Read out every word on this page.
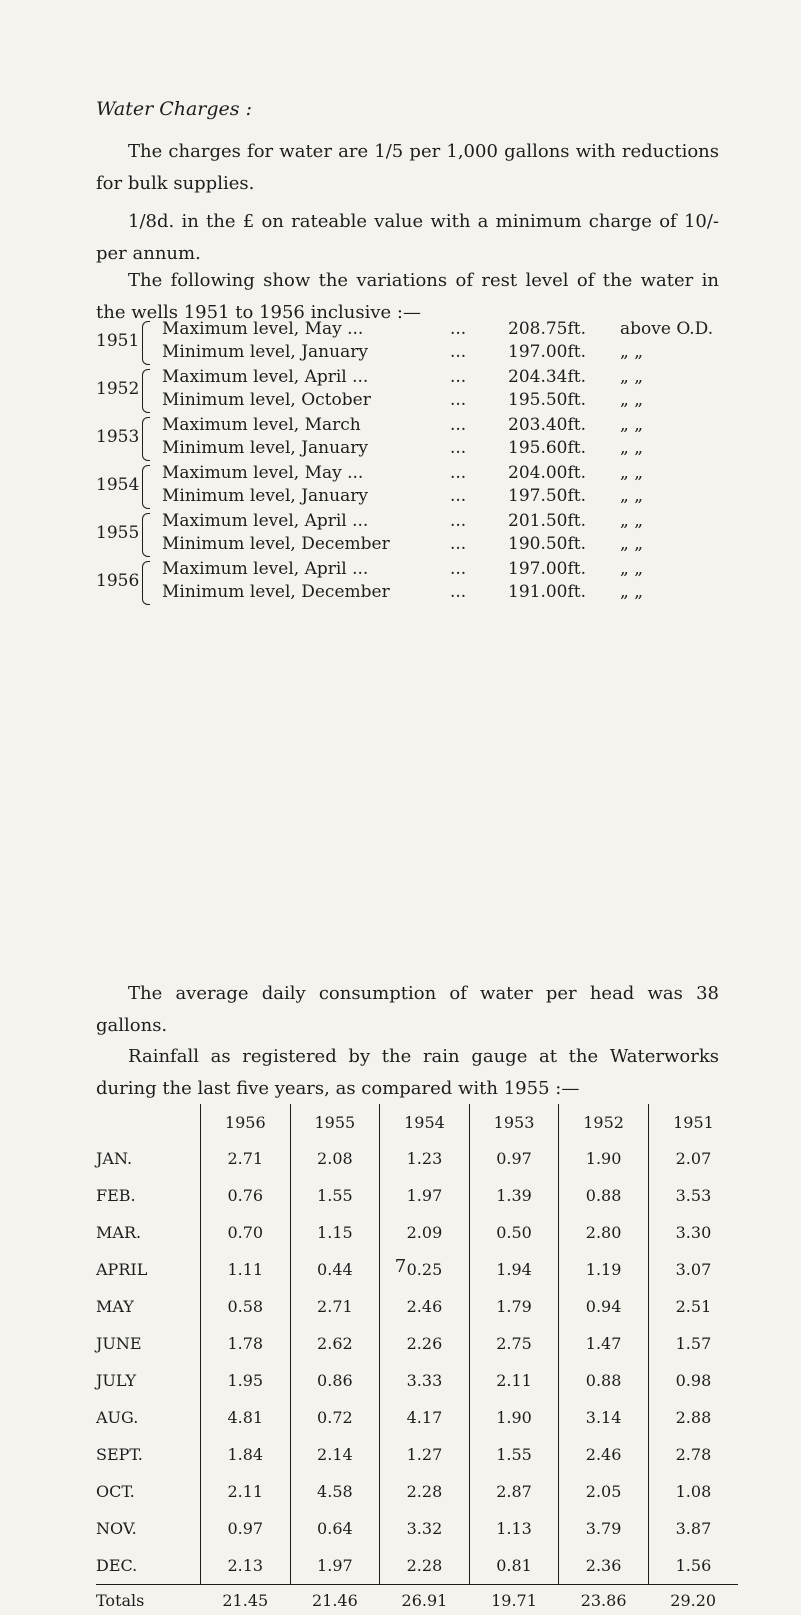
Water Charges :
The charges for water are 1/5 per 1,000 gallons with reductions for bulk supplies.
1/8d. in the £ on rateable value with a minimum charge of 10/- per annum.
The following show the variations of rest level of the water in the wells 1951 to 1956 inclusive :—
1951
Maximum level, May ...	... 208.75ft. above O.D.
Minimum level, January	... 197.00ft. „ „
1952
Maximum level, April ...	... 204.34ft. „ „
Minimum level, October	... 195.50ft. „ „
1953
Maximum level, March	... 203.40ft. „ „
Minimum level, January	... 195.60ft. „ „
1954
Maximum level, May ...	... 204.00ft. „ „
Minimum level, January	... 197.50ft. „ „
1955
Maximum level, April ...	... 201.50ft. „ „
Minimum level, December	... 190.50ft. „ „
1956
Maximum level, April ...	... 197.00ft. „ „
Minimum level, December	... 191.00ft. „ „
The average daily consumption of water per head was 38 gallons.
Rainfall as registered by the rain gauge at the Waterworks during the last five years, as compared with 1955 :—
	1956	1955	1954	1953	1952	1951
JAN.	2.71	2.08	1.23	0.97	1.90	2.07
FEB.	0.76	1.55	1.97	1.39	0.88	3.53
MAR.	0.70	1.15	2.09	0.50	2.80	3.30
APRIL	1.11	0.44	0.25	1.94	1.19	3.07
MAY	0.58	2.71	2.46	1.79	0.94	2.51
JUNE	1.78	2.62	2.26	2.75	1.47	1.57
JULY	1.95	0.86	3.33	2.11	0.88	0.98
AUG.	4.81	0.72	4.17	1.90	3.14	2.88
SEPT.	1.84	2.14	1.27	1.55	2.46	2.78
OCT.	2.11	4.58	2.28	2.87	2.05	1.08
NOV.	0.97	0.64	3.32	1.13	3.79	3.87
DEC.	2.13	1.97	2.28	0.81	2.36	1.56
Totals	21.45	21.46	26.91	19.71	23.86	29.20
7
